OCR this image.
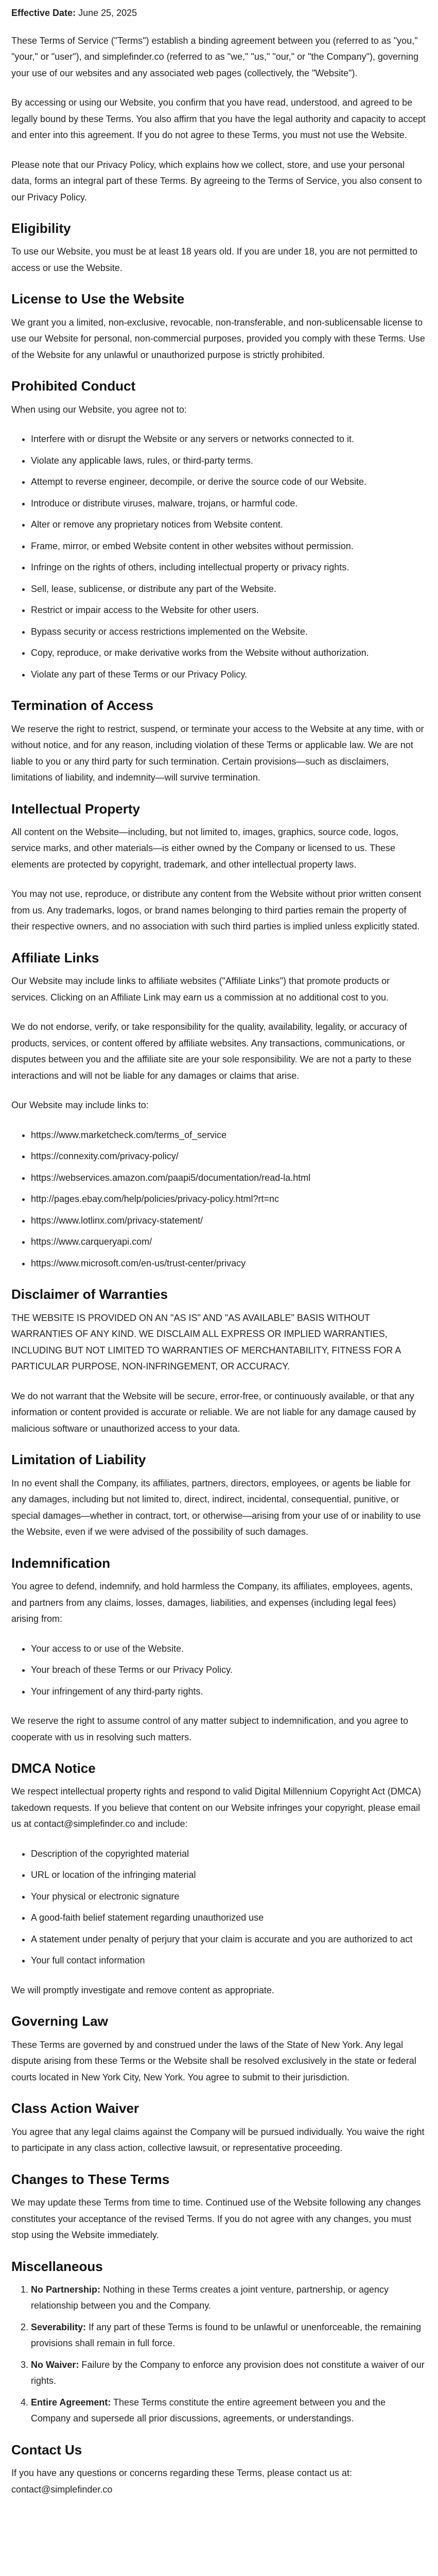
Effective Date: June 25, 2025

These Terms of Service ("Terms") establish a binding agreement between you (referred to as "you," "your," or "user"), and simplefinder.co (referred to as "we," "us," "our," or "the Company"), governing your use of our websites and any associated web pages (collectively, the "Website").

By accessing or using our Website, you confirm that you have read, understood, and agreed to be legally bound by these Terms. You also affirm that you have the legal authority and capacity to accept and enter into this agreement. If you do not agree to these Terms, you must not use the Website.

Please note that our Privacy Policy, which explains how we collect, store, and use your personal data, forms an integral part of these Terms. By agreeing to the Terms of Service, you also consent to our Privacy Policy.

Eligibility

To use our Website, you must be at least 18 years old. If you are under 18, you are not permitted to access or use the Website.

License to Use the Website

We grant you a limited, non-exclusive, revocable, non-transferable, and non-sublicensable license to use our Website for personal, non-commercial purposes, provided you comply with these Terms. Use of the Website for any unlawful or unauthorized purpose is strictly prohibited.

Prohibited Conduct

When using our Website, you agree not to:

• Interfere with or disrupt the Website or any servers or networks connected to it.
• Violate any applicable laws, rules, or third-party terms.
• Attempt to reverse engineer, decompile, or derive the source code of our Website.
• Introduce or distribute viruses, malware, trojans, or harmful code.
• Alter or remove any proprietary notices from Website content.
• Frame, mirror, or embed Website content in other websites without permission.
• Infringe on the rights of others, including intellectual property or privacy rights.
• Sell, lease, sublicense, or distribute any part of the Website.
• Restrict or impair access to the Website for other users.
• Bypass security or access restrictions implemented on the Website.
• Copy, reproduce, or make derivative works from the Website without authorization.
• Violate any part of these Terms or our Privacy Policy.
Termination of Access

We reserve the right to restrict, suspend, or terminate your access to the Website at any time, with or without notice, and for any reason, including violation of these Terms or applicable law. We are not liable to you or any third party for such termination. Certain provisions—such as disclaimers, limitations of liability, and indemnity—will survive termination.

Intellectual Property

All content on the Website—including, but not limited to, images, graphics, source code, logos, service marks, and other materials—is either owned by the Company or licensed to us. These elements are protected by copyright, trademark, and other intellectual property laws.

You may not use, reproduce, or distribute any content from the Website without prior written consent from us. Any trademarks, logos, or brand names belonging to third parties remain the property of their respective owners, and no association with such third parties is implied unless explicitly stated.

Affiliate Links

Our Website may include links to affiliate websites ("Affiliate Links") that promote products or services. Clicking on an Affiliate Link may earn us a commission at no additional cost to you.

We do not endorse, verify, or take responsibility for the quality, availability, legality, or accuracy of products, services, or content offered by affiliate websites. Any transactions, communications, or disputes between you and the affiliate site are your sole responsibility. We are not a party to these interactions and will not be liable for any damages or claims that arise.

Our Website may include links to:

• https://www.marketcheck.com/terms_of_service
• https://connexity.com/privacy-policy/
• https://webservices.amazon.com/paapi5/documentation/read-la.html
• http://pages.ebay.com/help/policies/privacy-policy.html?rt=nc
• https://www.lotlinx.com/privacy-statement/
• https://www.carqueryapi.com/
• https://www.microsoft.com/en-us/trust-center/privacy
Disclaimer of Warranties

THE WEBSITE IS PROVIDED ON AN "AS IS" AND "AS AVAILABLE" BASIS WITHOUT WARRANTIES OF ANY KIND. WE DISCLAIM ALL EXPRESS OR IMPLIED WARRANTIES, INCLUDING BUT NOT LIMITED TO WARRANTIES OF MERCHANTABILITY, FITNESS FOR A PARTICULAR PURPOSE, NON-INFRINGEMENT, OR ACCURACY.

We do not warrant that the Website will be secure, error-free, or continuously available, or that any information or content provided is accurate or reliable. We are not liable for any damage caused by malicious software or unauthorized access to your data.

Limitation of Liability

In no event shall the Company, its affiliates, partners, directors, employees, or agents be liable for any damages, including but not limited to, direct, indirect, incidental, consequential, punitive, or special damages—whether in contract, tort, or otherwise—arising from your use of or inability to use the Website, even if we were advised of the possibility of such damages.

Indemnification

You agree to defend, indemnify, and hold harmless the Company, its affiliates, employees, agents, and partners from any claims, losses, damages, liabilities, and expenses (including legal fees) arising from:

• Your access to or use of the Website.
• Your breach of these Terms or our Privacy Policy.
• Your infringement of any third-party rights.

We reserve the right to assume control of any matter subject to indemnification, and you agree to cooperate with us in resolving such matters.

DMCA Notice

We respect intellectual property rights and respond to valid Digital Millennium Copyright Act (DMCA) takedown requests. If you believe that content on our Website infringes your copyright, please email us at contact@simplefinder.co and include:

• Description of the copyrighted material
• URL or location of the infringing material
• Your physical or electronic signature
• A good-faith belief statement regarding unauthorized use
• A statement under penalty of perjury that your claim is accurate and you are authorized to act
• Your full contact information

We will promptly investigate and remove content as appropriate.

Governing Law

These Terms are governed by and construed under the laws of the State of New York. Any legal dispute arising from these Terms or the Website shall be resolved exclusively in the state or federal courts located in New York City, New York. You agree to submit to their jurisdiction.

Class Action Waiver

You agree that any legal claims against the Company will be pursued individually. You waive the right to participate in any class action, collective lawsuit, or representative proceeding.

Changes to These Terms

We may update these Terms from time to time. Continued use of the Website following any changes constitutes your acceptance of the revised Terms. If you do not agree with any changes, you must stop using the Website immediately.

Miscellaneous
1. No Partnership: Nothing in these Terms creates a joint venture, partnership, or agency relationship between you and the Company.
2. Severability: If any part of these Terms is found to be unlawful or unenforceable, the remaining provisions shall remain in full force.
3. No Waiver: Failure by the Company to enforce any provision does not constitute a waiver of our rights.
4. Entire Agreement: These Terms constitute the entire agreement between you and the Company and supersede all prior discussions, agreements, or understandings.
Contact Us

If you have any questions or concerns regarding these Terms, please contact us at: contact@simplefinder.co
